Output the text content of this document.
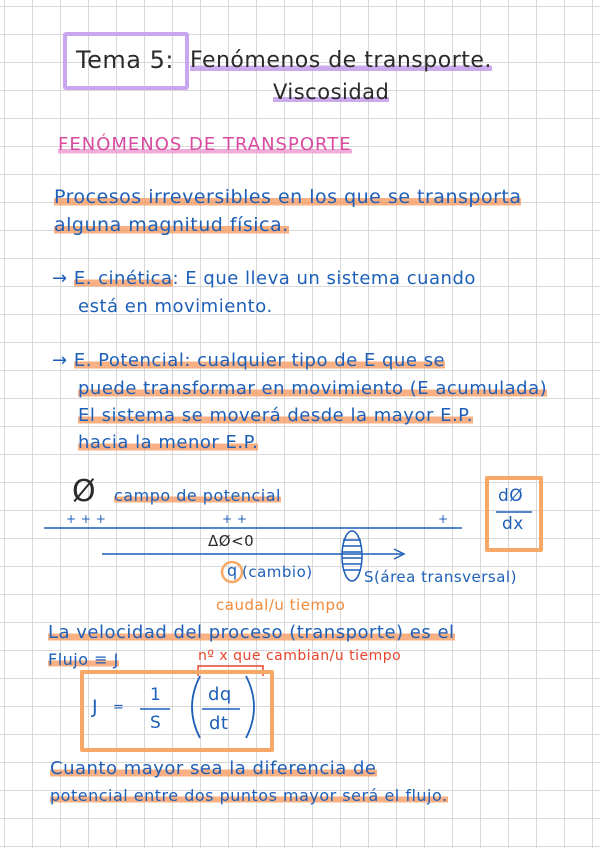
Tema 5: Fenómenos de transporte.
Viscosidad
FENÓMENOS DE TRANSPORTE
Procesos irreversibles en los que se transporta
alguna magnitud física.
→ E. cinética: E que lleva un sistema cuando
está en movimiento.
→ E. Potencial: cualquier tipo de E que se
puede transformar en movimiento (E acumulada)
El sistema se moverá desde la mayor E.P.
hacia la menor E.P.
Ø campo de potencial
+ + +	+ +	+
ΔØ<0
q (cambio)	S(área transversal)
caudal/u tiempo
dØ
dx
La velocidad del proceso (transporte) es el
Flujo ≡ J	nº x que cambian/u tiempo
J =
1
S
dq
dt
Cuanto mayor sea la diferencia de
potencial entre dos puntos mayor será el flujo.
